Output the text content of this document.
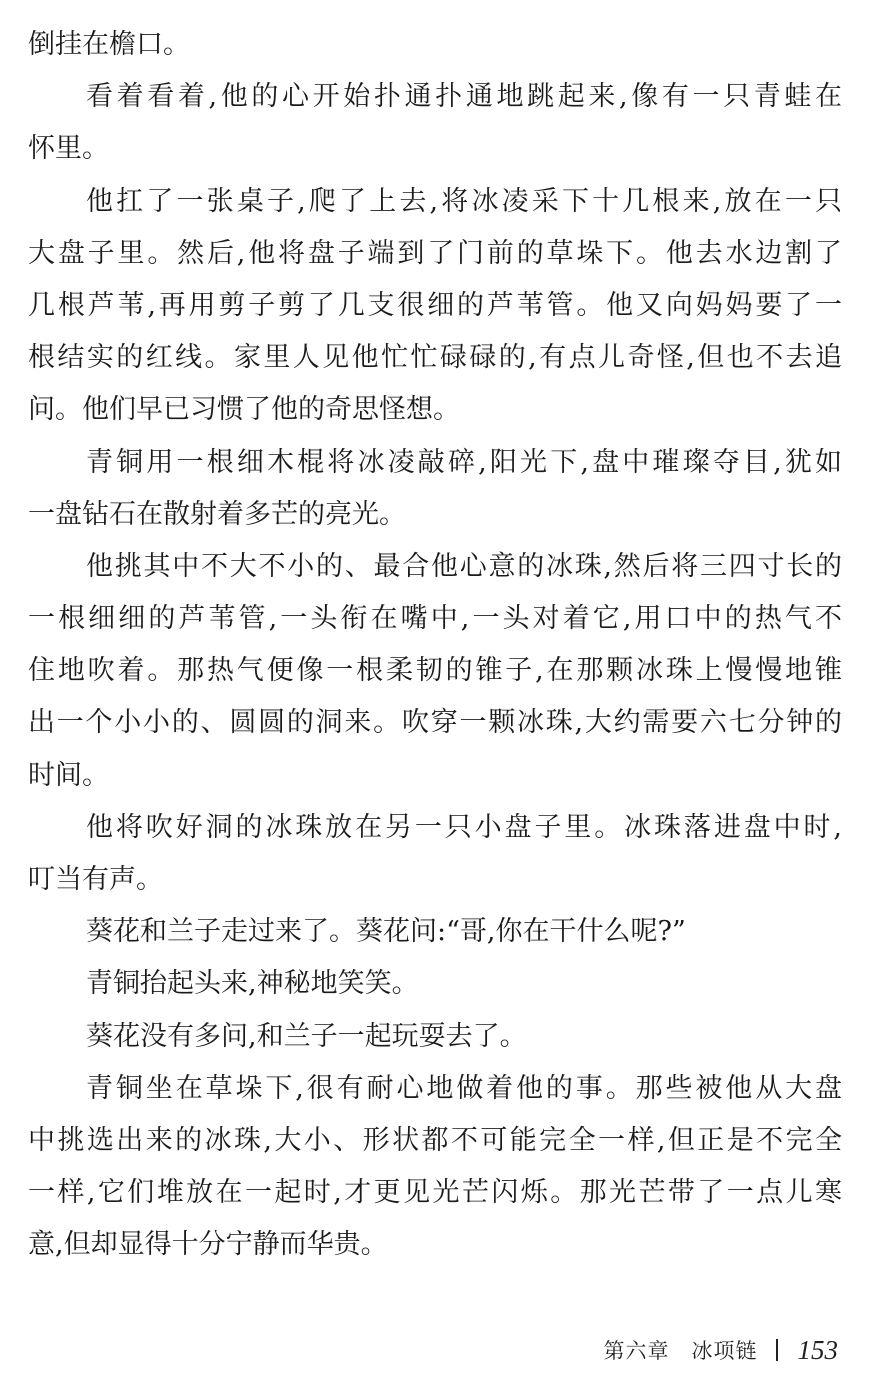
倒挂在檐口。
看着看着,他的心开始扑通扑通地跳起来,像有一只青蛙在
怀里。
他扛了一张桌子,爬了上去,将冰凌采下十几根来,放在一只
大盘子里。然后,他将盘子端到了门前的草垛下。他去水边割了
几根芦苇,再用剪子剪了几支很细的芦苇管。他又向妈妈要了一
根结实的红线。家里人见他忙忙碌碌的,有点儿奇怪,但也不去追
问。他们早已习惯了他的奇思怪想。
青铜用一根细木棍将冰凌敲碎,阳光下,盘中璀璨夺目,犹如
一盘钻石在散射着多芒的亮光。
他挑其中不大不小的、最合他心意的冰珠,然后将三四寸长的
一根细细的芦苇管,一头衔在嘴中,一头对着它,用口中的热气不
住地吹着。那热气便像一根柔韧的锥子,在那颗冰珠上慢慢地锥
出一个小小的、圆圆的洞来。吹穿一颗冰珠,大约需要六七分钟的
时间。
他将吹好洞的冰珠放在另一只小盘子里。冰珠落进盘中时,
叮当有声。
葵花和兰子走过来了。葵花问:“哥,你在干什么呢?”
青铜抬起头来,神秘地笑笑。
葵花没有多问,和兰子一起玩耍去了。
青铜坐在草垛下,很有耐心地做着他的事。那些被他从大盘
中挑选出来的冰珠,大小、形状都不可能完全一样,但正是不完全
一样,它们堆放在一起时,才更见光芒闪烁。那光芒带了一点儿寒
意,但却显得十分宁静而华贵。
第六章 冰项链 153
